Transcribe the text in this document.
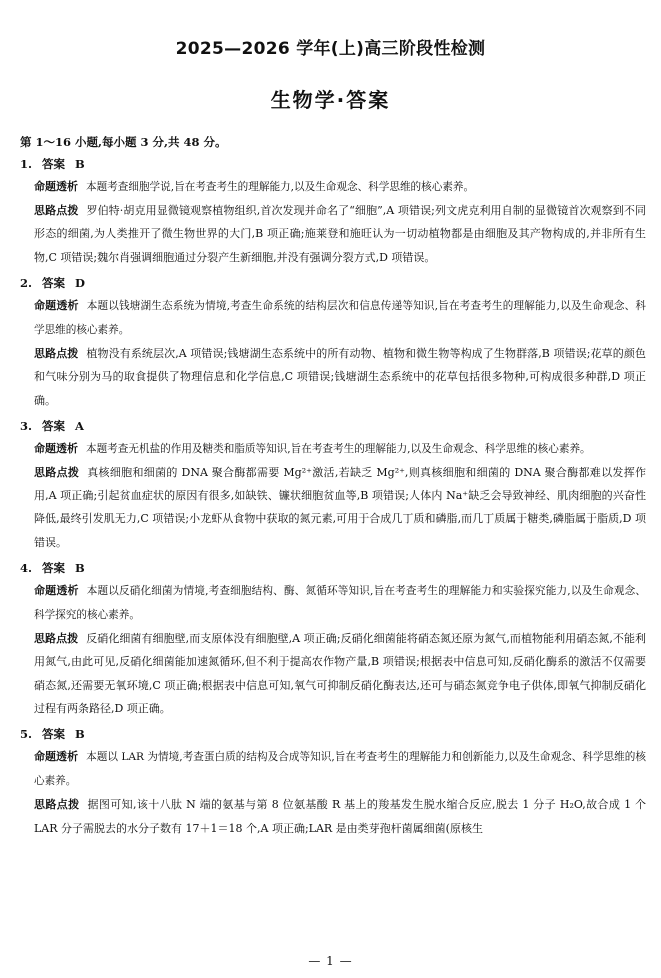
2025—2026 学年(上)高三阶段性检测
生物学·答案
第 1～16 小题,每小题 3 分,共 48 分。
1. 答案 B

命题透析 本题考查细胞学说,旨在考查考生的理解能力,以及生命观念、科学思维的核心素养。

思路点拨 罗伯特·胡克用显微镜观察植物组织,首次发现并命名了“细胞”,A 项错误;列文虎克利用自制的显微镜首次观察到不同形态的细菌,为人类推开了微生物世界的大门,B 项正确;施莱登和施旺认为一切动植物都是由细胞及其产物构成的,并非所有生物,C 项错误;魏尔肖强调细胞通过分裂产生新细胞,并没有强调分裂方式,D 项错误。

2. 答案 D

命题透析 本题以钱塘湖生态系统为情境,考查生命系统的结构层次和信息传递等知识,旨在考查考生的理解能力,以及生命观念、科学思维的核心素养。

思路点拨 植物没有系统层次,A 项错误;钱塘湖生态系统中的所有动物、植物和微生物等构成了生物群落,B 项错误;花草的颜色和气味分别为马的取食提供了物理信息和化学信息,C 项错误;钱塘湖生态系统中的花草包括很多物种,可构成很多种群,D 项正确。

3. 答案 A

命题透析 本题考查无机盐的作用及糖类和脂质等知识,旨在考查考生的理解能力,以及生命观念、科学思维的核心素养。

思路点拨 真核细胞和细菌的 DNA 聚合酶都需要 Mg²⁺激活,若缺乏 Mg²⁺,则真核细胞和细菌的 DNA 聚合酶都难以发挥作用,A 项正确;引起贫血症状的原因有很多,如缺铁、镰状细胞贫血等,B 项错误;人体内 Na⁺缺乏会导致神经、肌肉细胞的兴奋性降低,最终引发肌无力,C 项错误;小龙虾从食物中获取的氮元素,可用于合成几丁质和磷脂,而几丁质属于糖类,磷脂属于脂质,D 项错误。

4. 答案 B

命题透析 本题以反硝化细菌为情境,考查细胞结构、酶、氮循环等知识,旨在考查考生的理解能力和实验探究能力,以及生命观念、科学探究的核心素养。

思路点拨 反硝化细菌有细胞壁,而支原体没有细胞壁,A 项正确;反硝化细菌能将硝态氮还原为氮气,而植物能利用硝态氮,不能利用氮气,由此可见,反硝化细菌能加速氮循环,但不利于提高农作物产量,B 项错误;根据表中信息可知,反硝化酶系的激活不仅需要硝态氮,还需要无氧环境,C 项正确;根据表中信息可知,氧气可抑制反硝化酶表达,还可与硝态氮竞争电子供体,即氧气抑制反硝化过程有两条路径,D 项正确。

5. 答案 B

命题透析 本题以 LAR 为情境,考查蛋白质的结构及合成等知识,旨在考查考生的理解能力和创新能力,以及生命观念、科学思维的核心素养。

思路点拨 据图可知,该十八肽 N 端的氨基与第 8 位氨基酸 R 基上的羧基发生脱水缩合反应,脱去 1 分子 H₂O,故合成 1 个 LAR 分子需脱去的水分子数有 17＋1＝18 个,A 项正确;LAR 是由类芽孢杆菌属细菌(原核生

— 1 —
